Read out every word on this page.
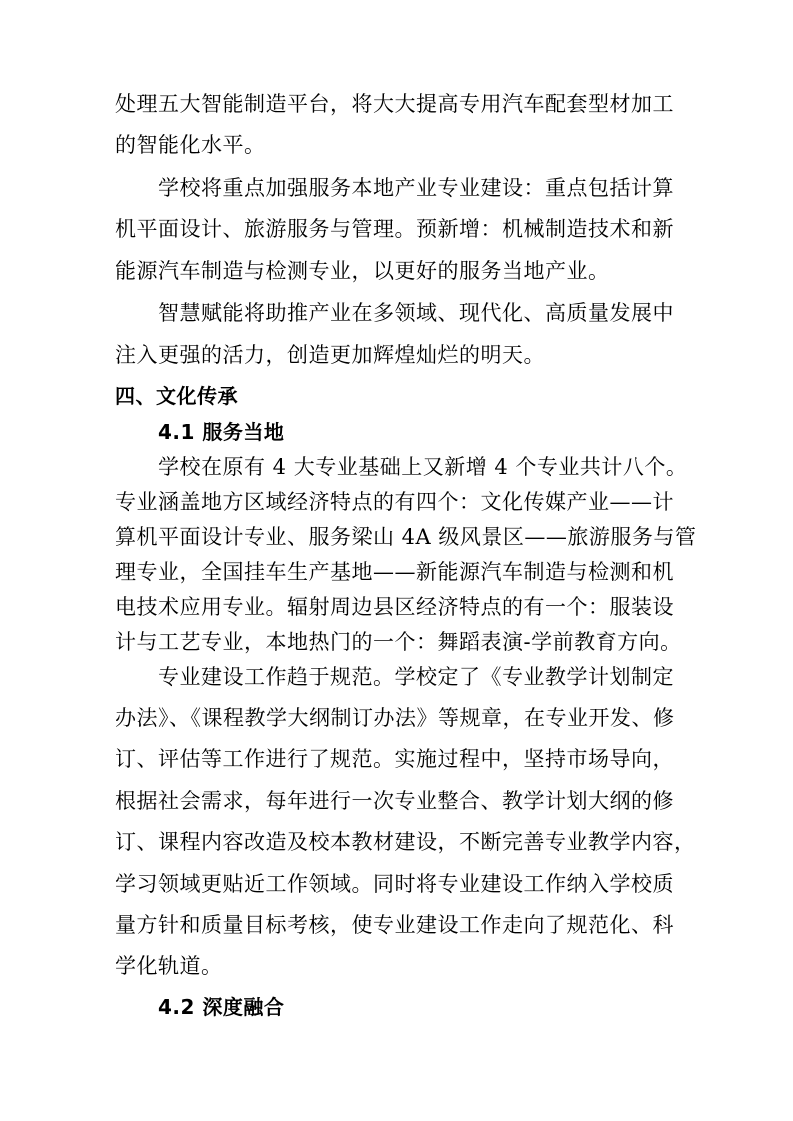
处理五大智能制造平台，将大大提高专用汽车配套型材加工
的智能化水平。
学校将重点加强服务本地产业专业建设：重点包括计算
机平面设计、旅游服务与管理。预新增：机械制造技术和新
能源汽车制造与检测专业，以更好的服务当地产业。
智慧赋能将助推产业在多领域、现代化、高质量发展中
注入更强的活力，创造更加辉煌灿烂的明天。
四、文化传承
4.1 服务当地
学校在原有 4 大专业基础上又新增 4 个专业共计八个。
专业涵盖地方区域经济特点的有四个：文化传媒产业——计
算机平面设计专业、服务梁山 4A 级风景区——旅游服务与管
理专业，全国挂车生产基地——新能源汽车制造与检测和机
电技术应用专业。辐射周边县区经济特点的有一个：服装设
计与工艺专业，本地热门的一个：舞蹈表演-学前教育方向。
专业建设工作趋于规范。学校定了《专业教学计划制定
办法》、《课程教学大纲制订办法》等规章，在专业开发、修
订、评估等工作进行了规范。实施过程中，坚持市场导向，
根据社会需求，每年进行一次专业整合、教学计划大纲的修
订、课程内容改造及校本教材建设，不断完善专业教学内容，
学习领域更贴近工作领域。同时将专业建设工作纳入学校质
量方针和质量目标考核，使专业建设工作走向了规范化、科
学化轨道。
4.2 深度融合
